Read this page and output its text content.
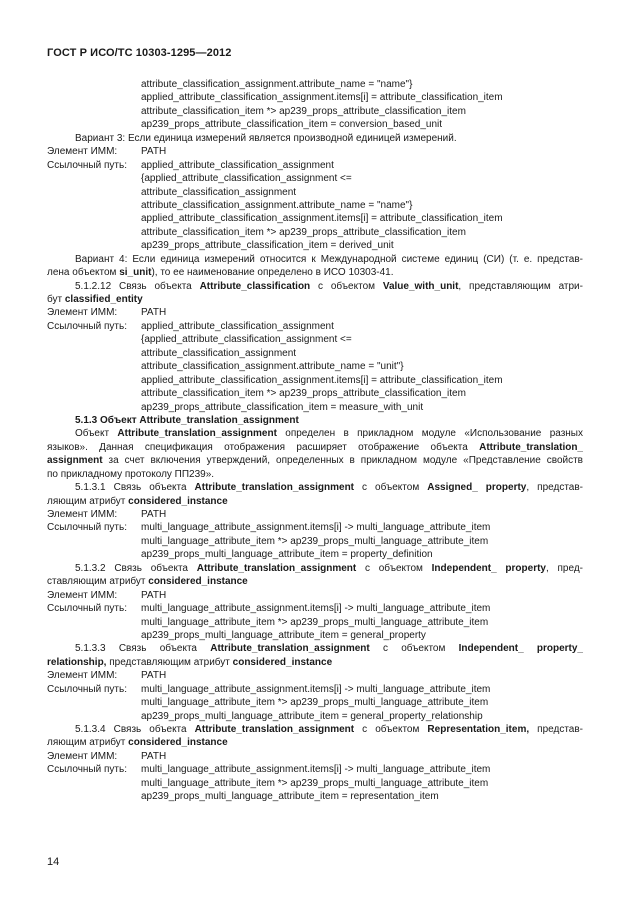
ГОСТ Р ИСО/ТС 10303-1295—2012
attribute_classification_assignment.attribute_name = "name"}
applied_attribute_classification_assignment.items[i] = attribute_classification_item
attribute_classification_item *> ap239_props_attribute_classification_item
ap239_props_attribute_classification_item = conversion_based_unit
Вариант 3: Если единица измерений является производной единицей измерений.
Элемент ИММ: PATH
Ссылочный путь: applied_attribute_classification_assignment
{applied_attribute_classification_assignment <=
attribute_classification_assignment
attribute_classification_assignment.attribute_name = "name"}
applied_attribute_classification_assignment.items[i] = attribute_classification_item
attribute_classification_item *> ap239_props_attribute_classification_item
ap239_props_attribute_classification_item = derived_unit
Вариант 4: Если единица измерений относится к Международной системе единиц (СИ) (т. е. представ-
лена объектом si_unit), то ее наименование определено в ИСО 10303-41.
5.1.2.12 Связь объекта Attribute_classification с объектом Value_with_unit, представляющим атри-
бут classified_entity
Элемент ИММ: PATH
Ссылочный путь: applied_attribute_classification_assignment
{applied_attribute_classification_assignment <=
attribute_classification_assignment
attribute_classification_assignment.attribute_name = "unit"}
applied_attribute_classification_assignment.items[i] = attribute_classification_item
attribute_classification_item *> ap239_props_attribute_classification_item
ap239_props_attribute_classification_item = measure_with_unit
5.1.3 Объект Attribute_translation_assignment
Объект Attribute_translation_assignment определен в прикладном модуле «Использование разных
языков». Данная спецификация отображения расширяет отображение объекта Attribute_translation_
assignment за счет включения утверждений, определенных в прикладном модуле «Представление свойств
по прикладному протоколу ПП239».
5.1.3.1 Связь объекта Attribute_translation_assignment с объектом Assigned_ property, представ-
ляющим атрибут considered_instance
Элемент ИММ: PATH
Ссылочный путь: multi_language_attribute_assignment.items[i] -> multi_language_attribute_item
multi_language_attribute_item *> ap239_props_multi_language_attribute_item
ap239_props_multi_language_attribute_item = property_definition
5.1.3.2 Связь объекта Attribute_translation_assignment с объектом Independent_ property, пред-
ставляющим атрибут considered_instance
Элемент ИММ: PATH
Ссылочный путь: multi_language_attribute_assignment.items[i] -> multi_language_attribute_item
multi_language_attribute_item *> ap239_props_multi_language_attribute_item
ap239_props_multi_language_attribute_item = general_property
5.1.3.3 Связь объекта Attribute_translation_assignment с объектом Independent_ property_
relationship, представляющим атрибут considered_instance
Элемент ИММ: PATH
Ссылочный путь: multi_language_attribute_assignment.items[i] -> multi_language_attribute_item
multi_language_attribute_item *> ap239_props_multi_language_attribute_item
ap239_props_multi_language_attribute_item = general_property_relationship
5.1.3.4 Связь объекта Attribute_translation_assignment с объектом Representation_item, представ-
ляющим атрибут considered_instance
Элемент ИММ: PATH
Ссылочный путь: multi_language_attribute_assignment.items[i] -> multi_language_attribute_item
multi_language_attribute_item *> ap239_props_multi_language_attribute_item
ap239_props_multi_language_attribute_item = representation_item
14
